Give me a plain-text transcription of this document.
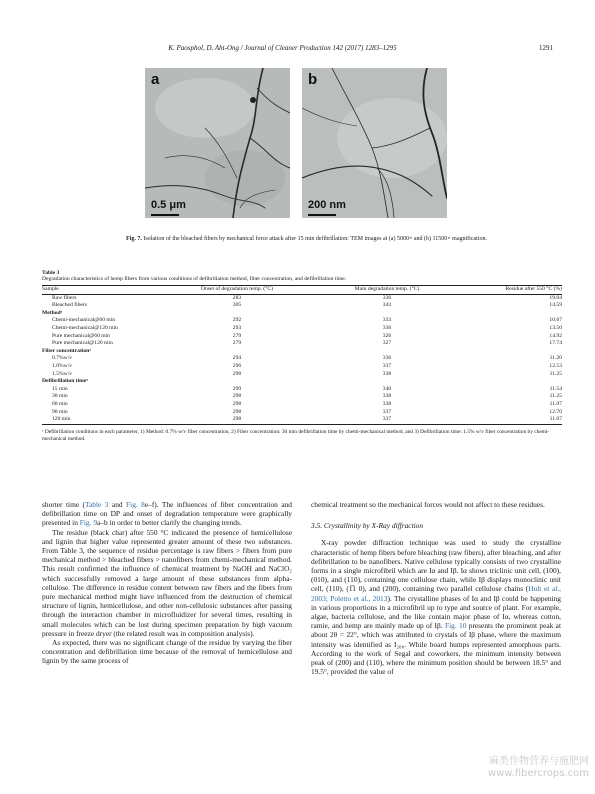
K. Paosphol, D. Aht-Ong / Journal of Cleaner Production 142 (2017) 1283–1295	1291
a
0.5 μm
b
200 nm
Fig. 7. Isolation of the bleached fibers by mechanical force attack after 15 min defibrillation: TEM images at (a) 5000× and (b) 11500× magnification.
Table 3
Degradation characteristics of hemp fibers from various conditions of defibrillation method, fiber concentration, and defibrillation time.
Sample	Onset of degradation temp. (°C)	Main degradation temp. (°C)	Residue after 550 °C (%)
Raw fibers	283	336	19.04
Bleached fibers	305	343	14.59
Methodᵃ
Chemi-mechanical@60 min	292	333	10.67
Chemi-mechanical@120 min	293	336	13.50
Pure mechanical@60 min	279	326	14.92
Pure mechanical@120 min	279	327	17.74
Fiber concentrationᵃ
0.7%w/v	294	336	11.20
1.0%w/v	296	337	12.53
1.5%w/v	298	338	11.25
Defibrillation timeᵃ
15 min	299	340	11.54
30 min	298	338	11.25
60 min	298	338	11.07
90 min	298	337	12.70
120 min	298	337	11.07
ᵃ Defibrillation conditions in each parameter, 1) Method: 0.7% w/v fiber concentration, 2) Fiber concentration: 30 min defibrillation time by chemi-mechanical method, and 3) Defibrillation time: 1.5% w/v fiber concentration by chemi-mechanical method.

shorter time (Table 3 and Fig. 8e–f). The influences of fiber concentration and defibrillation time on DP and onset of degradation temperature were graphically presented in Fig. 9a–b in order to better clarify the changing trends.

The residue (black char) after 550 °C indicated the presence of hemicellulose and lignin that higher value represented greater amount of these two substances. From Table 3, the sequence of residue percentage is raw fibers > fibers from pure mechanical method > bleached fibers > nanofibers from chemi-mechanical method. This result confirmed the influence of chemical treatment by NaOH and NaClO₂ which successfully removed a large amount of these substances from alpha-cellulose. The difference in residue content between raw fibers and the fibers from pure mechanical method might have influenced from the destruction of chemical structure of lignin, hemicellulose, and other non-cellulosic substances after passing through the interaction chamber in microfluidizer for several times, resulting in small molecules which can be lost during specimen preparation by high vacuum pressure in freeze dryer (the related result was in composition analysis).

As expected, there was no significant change of the residue by varying the fiber concentration and defibrillation time because of the removal of hemicellulose and lignin by the same process of

chemical treatment so the mechanical forces would not affect to these residues.

3.5. Crystallinity by X-Ray diffraction

X-ray powder diffraction technique was used to study the crystalline characteristic of hemp fibers before bleaching (raw fibers), after bleaching, and after defibrillation to be nanofibers. Native cellulose typically consists of two crystalline forms in a single microfibril which are Iα and Iβ. Iα shows triclinic unit cell, (100), (010), and (110), containing one cellulose chain, while Iβ displays monoclinic unit cell, (110), (1̅1 0), and (200), containing two parallel cellulose chains (Hult et al., 2003; Poletto et al., 2013). The crystalline phases of Iα and Iβ could be happening in various proportions in a microfibril up to type and source of plant. For example, algae, bacteria cellulose, and the like contain major phase of Iα, whereas cotton, ramie, and hemp are mainly made up of Iβ. Fig. 10 presents the prominent peak at about 2θ = 22°, which was attributed to crystals of Iβ phase, where the maximum intensity was identified as I₂₀₀. While board humps represented amorphous parts. According to the work of Segal and coworkers, the minimum intensity between peak of (200) and (110), where the minimum position should be between 18.5° and 19.5°, provided the value of

麻类作物营养与施肥网
www.fibercrops.com
